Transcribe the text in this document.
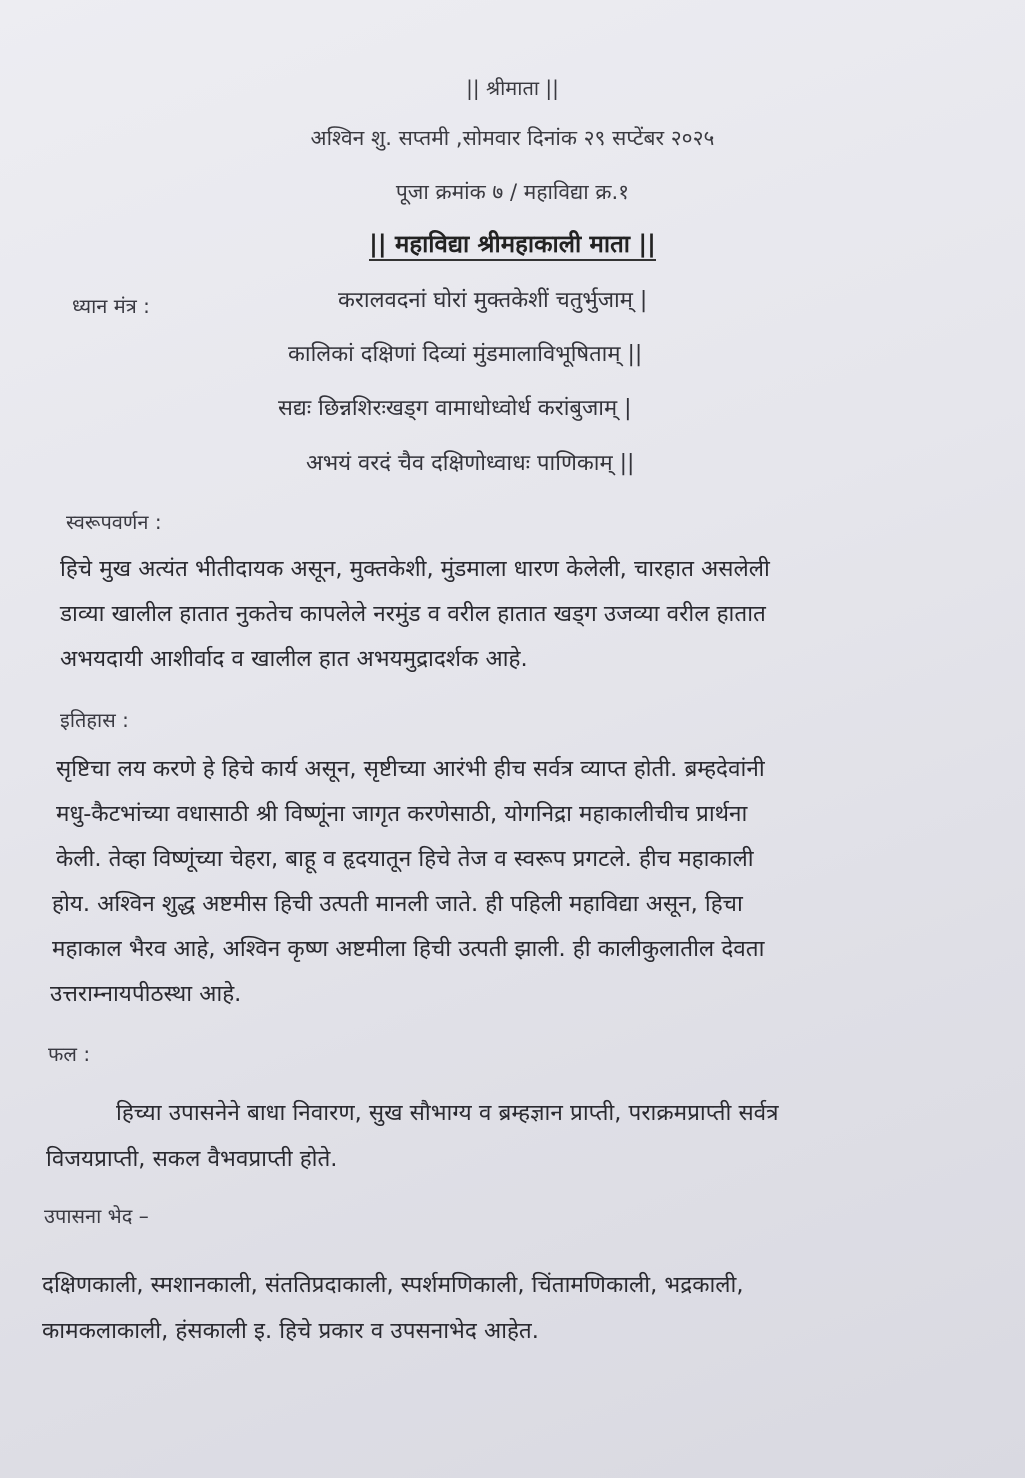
|| श्रीमाता ||
अश्विन शु. सप्तमी ,सोमवार दिनांक २९ सप्टेंबर २०२५
पूजा क्रमांक ७ / महाविद्या क्र.१
|| महाविद्या श्रीमहाकाली माता ||
ध्यान मंत्र :	करालवदनां घोरां मुक्तकेशीं चतुर्भुजाम् |
कालिकां दक्षिणां दिव्यां मुंडमालाविभूषिताम् ||
सद्यः छिन्नशिरःखड्ग वामाधोध्वोर्ध करांबुजाम् |
अभयं वरदं चैव दक्षिणोध्वाधः पाणिकाम् ||
स्वरूपवर्णन :
हिचे मुख अत्यंत भीतीदायक असून, मुक्तकेशी, मुंडमाला धारण केलेली, चारहात असलेली
डाव्या खालील हातात नुकतेच कापलेले नरमुंड व वरील हातात खड्ग उजव्या वरील हातात
अभयदायी आशीर्वाद व खालील हात अभयमुद्रादर्शक आहे.
इतिहास :
सृष्टिचा लय करणे हे हिचे कार्य असून, सृष्टीच्या आरंभी हीच सर्वत्र व्याप्त होती. ब्रम्हदेवांनी
मधु-कैटभांच्या वधासाठी श्री विष्णूंना जागृत करणेसाठी, योगनिद्रा महाकालीचीच प्रार्थना
केली. तेव्हा विष्णूंच्या चेहरा, बाहू व हृदयातून हिचे तेज व स्वरूप प्रगटले. हीच महाकाली
होय. अश्विन शुद्ध अष्टमीस हिची उत्पती मानली जाते. ही पहिली महाविद्या असून, हिचा
महाकाल भैरव आहे, अश्विन कृष्ण अष्टमीला हिची उत्पती झाली. ही कालीकुलातील देवता
उत्तराम्नायपीठस्था आहे.
फल :
हिच्या उपासनेने बाधा निवारण, सुख सौभाग्य व ब्रम्हज्ञान प्राप्ती, पराक्रमप्राप्ती सर्वत्र
विजयप्राप्ती, सकल वैभवप्राप्ती होते.
उपासना भेद –
दक्षिणकाली, स्मशानकाली, संततिप्रदाकाली, स्पर्शमणिकाली, चिंतामणिकाली, भद्रकाली,
कामकलाकाली, हंसकाली इ. हिचे प्रकार व उपसनाभेद आहेत.
